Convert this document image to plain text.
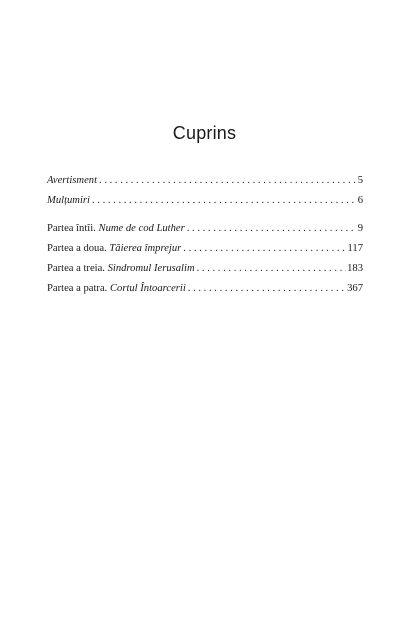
Cuprins
Avertisment . . .	5
Mulțumiri . . .	6
Partea întîi. Nume de cod Luther . . .	9
Partea a doua. Tăierea împrejur . . .	117
Partea a treia. Sindromul Ierusalim . . .	183
Partea a patra. Cortul Întoarcerii . . .	367
